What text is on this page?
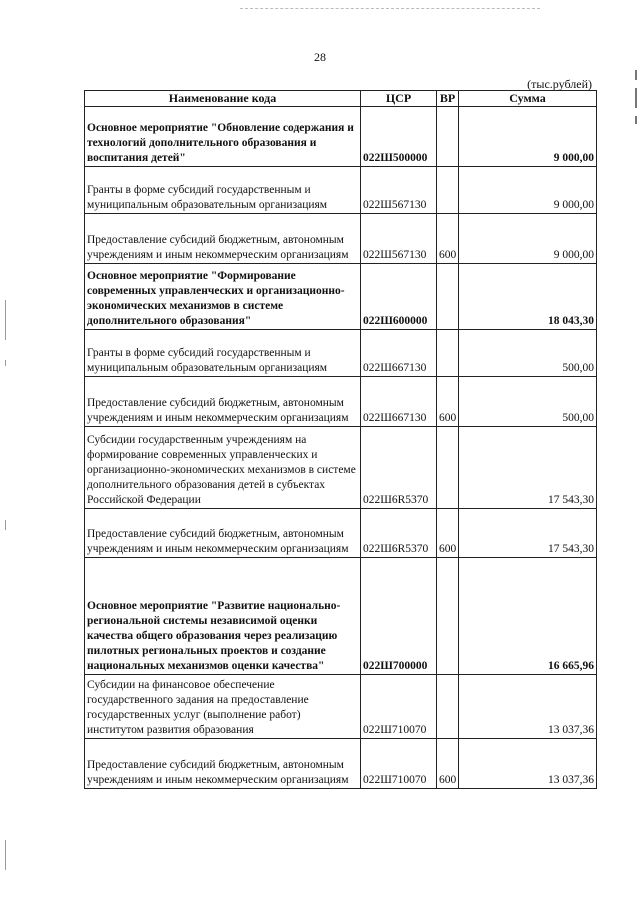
28
(тыс.рублей)
Наименование кода	ЦСР	ВР	Сумма
Основное мероприятие "Обновление содержания и технологий дополнительного образования и воспитания детей"	022Ш500000		9 000,00
Гранты в форме субсидий государственным и муниципальным образовательным организациям	022Ш567130		9 000,00
Предоставление субсидий бюджетным, автономным учреждениям и иным некоммерческим организациям	022Ш567130	600	9 000,00
Основное мероприятие "Формирование современных управленческих и организационно-экономических механизмов в системе дополнительного образования"	022Ш600000		18 043,30
Гранты в форме субсидий государственным и муниципальным образовательным организациям	022Ш667130		500,00
Предоставление субсидий бюджетным, автономным учреждениям и иным некоммерческим организациям	022Ш667130	600	500,00
Субсидии государственным учреждениям на формирование современных управленческих и организационно-экономических механизмов в системе дополнительного образования детей в субъектах Российской Федерации	022Ш6R5370		17 543,30
Предоставление субсидий бюджетным, автономным учреждениям и иным некоммерческим организациям	022Ш6R5370	600	17 543,30
Основное мероприятие "Развитие национально-региональной системы независимой оценки качества общего образования через реализацию пилотных региональных проектов и создание национальных механизмов оценки качества"	022Ш700000		16 665,96
Субсидии на финансовое обеспечение государственного задания на предоставление государственных услуг (выполнение работ) институтом развития образования	022Ш710070		13 037,36
Предоставление субсидий бюджетным, автономным учреждениям и иным некоммерческим организациям	022Ш710070	600	13 037,36
